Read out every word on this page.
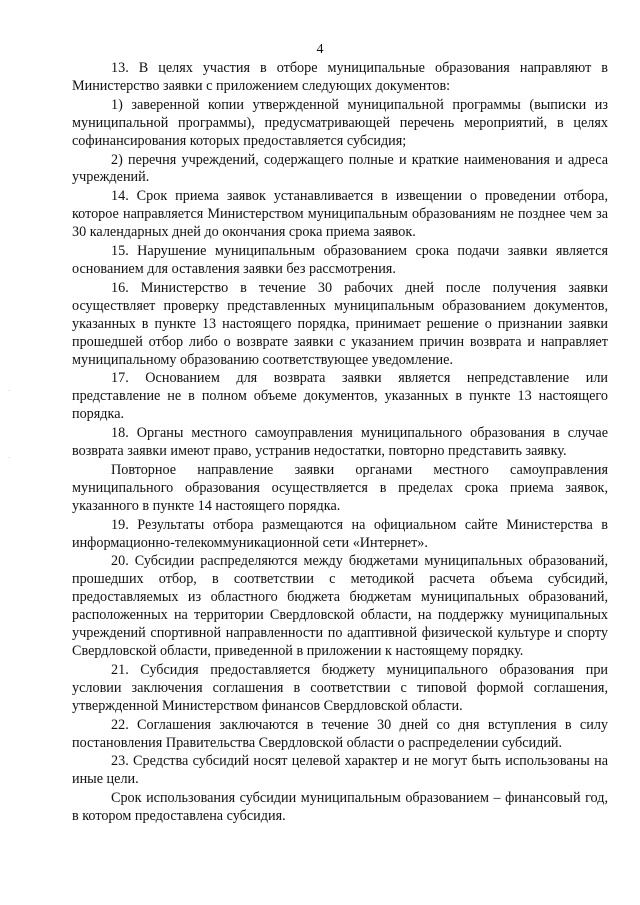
·
·
4

13. В целях участия в отборе муниципальные образования направляют в Министерство заявки с приложением следующих документов:

1) заверенной копии утвержденной муниципальной программы (выписки из муниципальной программы), предусматривающей перечень мероприятий, в целях софинансирования которых предоставляется субсидия;

2) перечня учреждений, содержащего полные и краткие наименования и адреса учреждений.

14. Срок приема заявок устанавливается в извещении о проведении отбора, которое направляется Министерством муниципальным образованиям не позднее чем за 30 календарных дней до окончания срока приема заявок.

15. Нарушение муниципальным образованием срока подачи заявки является основанием для оставления заявки без рассмотрения.

16. Министерство в течение 30 рабочих дней после получения заявки осуществляет проверку представленных муниципальным образованием документов, указанных в пункте 13 настоящего порядка, принимает решение о признании заявки прошедшей отбор либо о возврате заявки с указанием причин возврата и направляет муниципальному образованию соответствующее уведомление.

17. Основанием для возврата заявки является непредставление или представление не в полном объеме документов, указанных в пункте 13 настоящего порядка.

18. Органы местного самоуправления муниципального образования в случае возврата заявки имеют право, устранив недостатки, повторно представить заявку.

Повторное направление заявки органами местного самоуправления муниципального образования осуществляется в пределах срока приема заявок, указанного в пункте 14 настоящего порядка.

19. Результаты отбора размещаются на официальном сайте Министерства в информационно-телекоммуникационной сети «Интернет».

20. Субсидии распределяются между бюджетами муниципальных образований, прошедших отбор, в соответствии с методикой расчета объема субсидий, предоставляемых из областного бюджета бюджетам муниципальных образований, расположенных на территории Свердловской области, на поддержку муниципальных учреждений спортивной направленности по адаптивной физической культуре и спорту Свердловской области, приведенной в приложении к настоящему порядку.

21. Субсидия предоставляется бюджету муниципального образования при условии заключения соглашения в соответствии с типовой формой соглашения, утвержденной Министерством финансов Свердловской области.

22. Соглашения заключаются в течение 30 дней со дня вступления в силу постановления Правительства Свердловской области о распределении субсидий.

23. Средства субсидий носят целевой характер и не могут быть использованы на иные цели.

Срок использования субсидии муниципальным образованием – финансовый год, в котором предоставлена субсидия.
